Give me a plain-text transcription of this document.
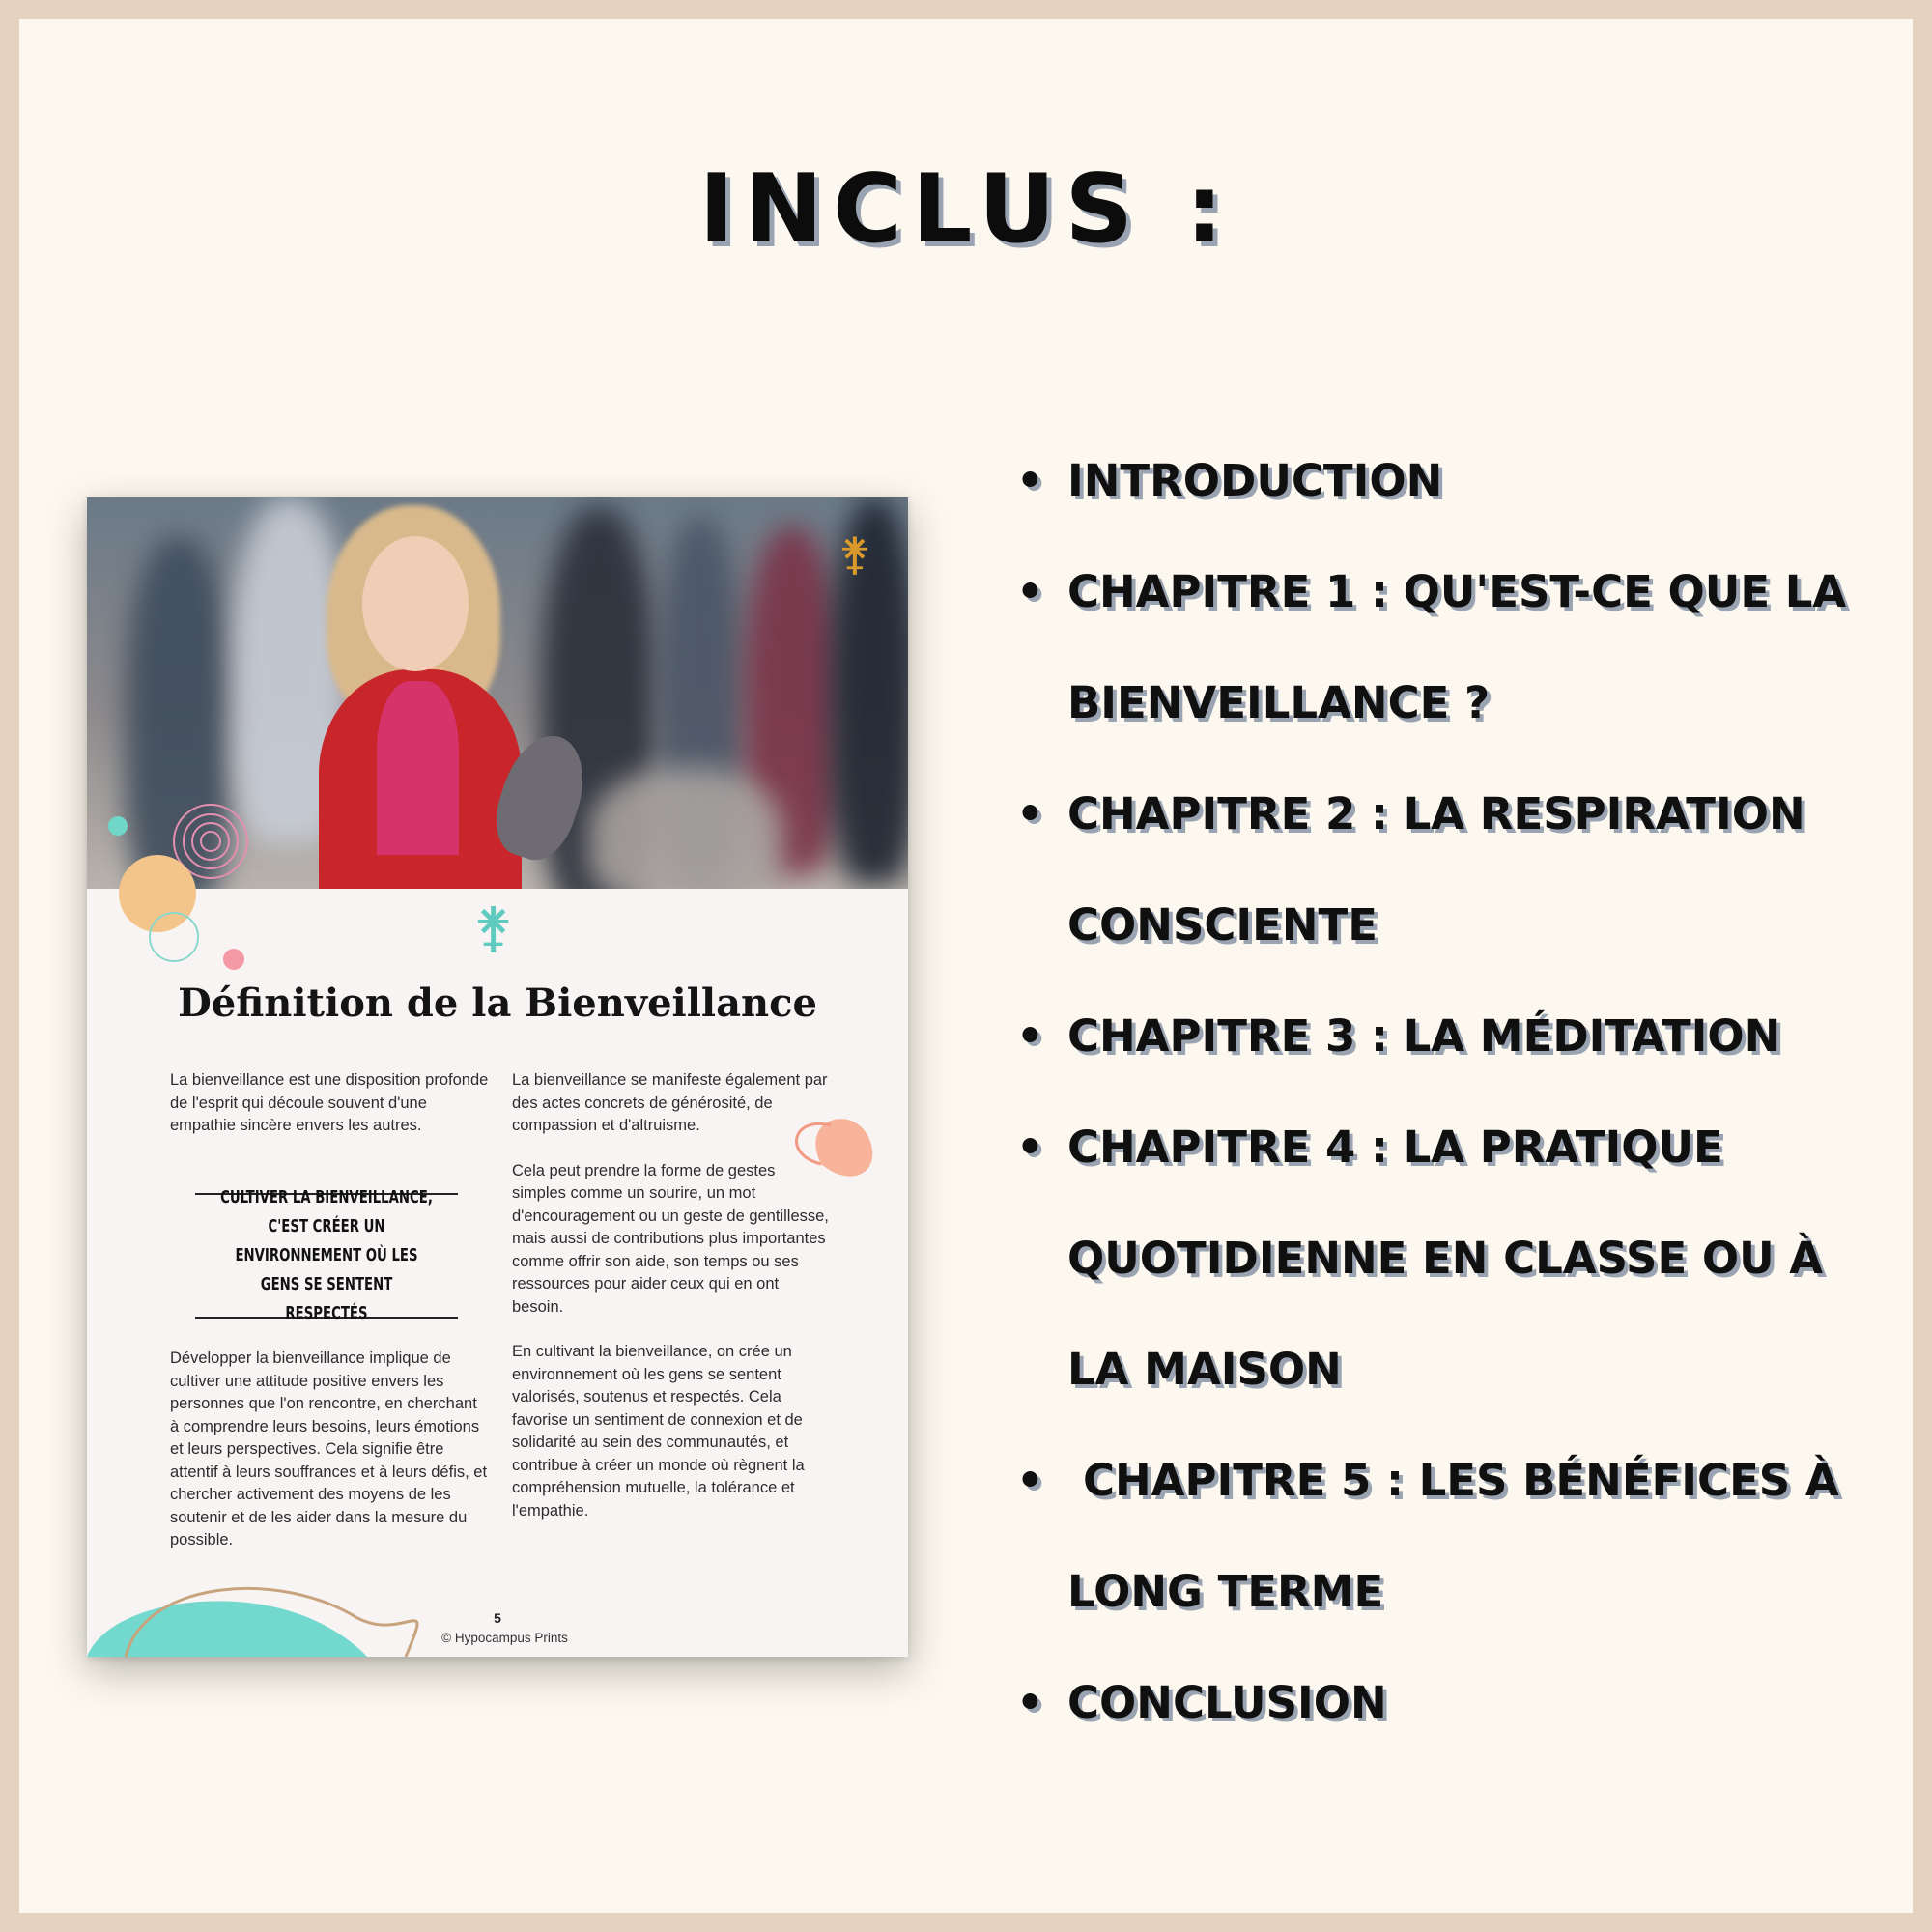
INCLUS :
⚵
⚵
Définition de la Bienveillance

La bienveillance est une disposition profonde de l'esprit qui découle souvent d'une empathie sincère envers les autres.

CULTIVER LA BIENVEILLANCE, C'EST CRÉER UN ENVIRONNEMENT OÙ LES GENS SE SENTENT RESPECTÉS

Développer la bienveillance implique de cultiver une attitude positive envers les personnes que l'on rencontre, en cherchant à comprendre leurs besoins, leurs émotions et leurs perspectives. Cela signifie être attentif à leurs souffrances et à leurs défis, et chercher activement des moyens de les soutenir et de les aider dans la mesure du possible.

La bienveillance se manifeste également par des actes concrets de générosité, de compassion et d'altruisme.

Cela peut prendre la forme de gestes simples comme un sourire, un mot d'encouragement ou un geste de gentillesse, mais aussi de contributions plus importantes comme offrir son aide, son temps ou ses ressources pour aider ceux qui en ont besoin.

En cultivant la bienveillance, on crée un environnement où les gens se sentent valorisés, soutenus et respectés. Cela favorise un sentiment de connexion et de solidarité au sein des communautés, et contribue à créer un monde où règnent la compréhension mutuelle, la tolérance et l'empathie.

5
© Hypocampus Prints
• INTRODUCTION
• CHAPITRE 1 : QU'EST-CE QUE LA
BIENVEILLANCE ?
• CHAPITRE 2 : LA RESPIRATION
CONSCIENTE
• CHAPITRE 3 : LA MÉDITATION
• CHAPITRE 4 : LA PRATIQUE
QUOTIDIENNE EN CLASSE OU À
LA MAISON
• CHAPITRE 5 : LES BÉNÉFICES À
LONG TERME
• CONCLUSION
